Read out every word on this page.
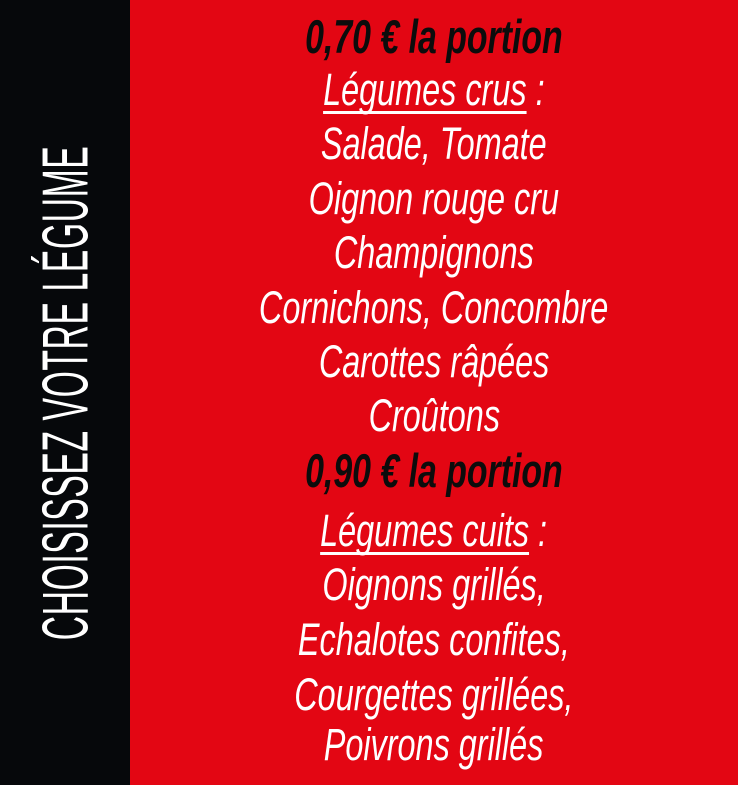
CHOISISSEZ VOTRE LÉGUME
0,70 € la portion
Légumes crus :
Salade, Tomate
Oignon rouge cru
Champignons
Cornichons, Concombre
Carottes râpées
Croûtons
0,90 € la portion
Légumes cuits :
Oignons grillés,
Echalotes confites,
Courgettes grillées,
Poivrons grillés
